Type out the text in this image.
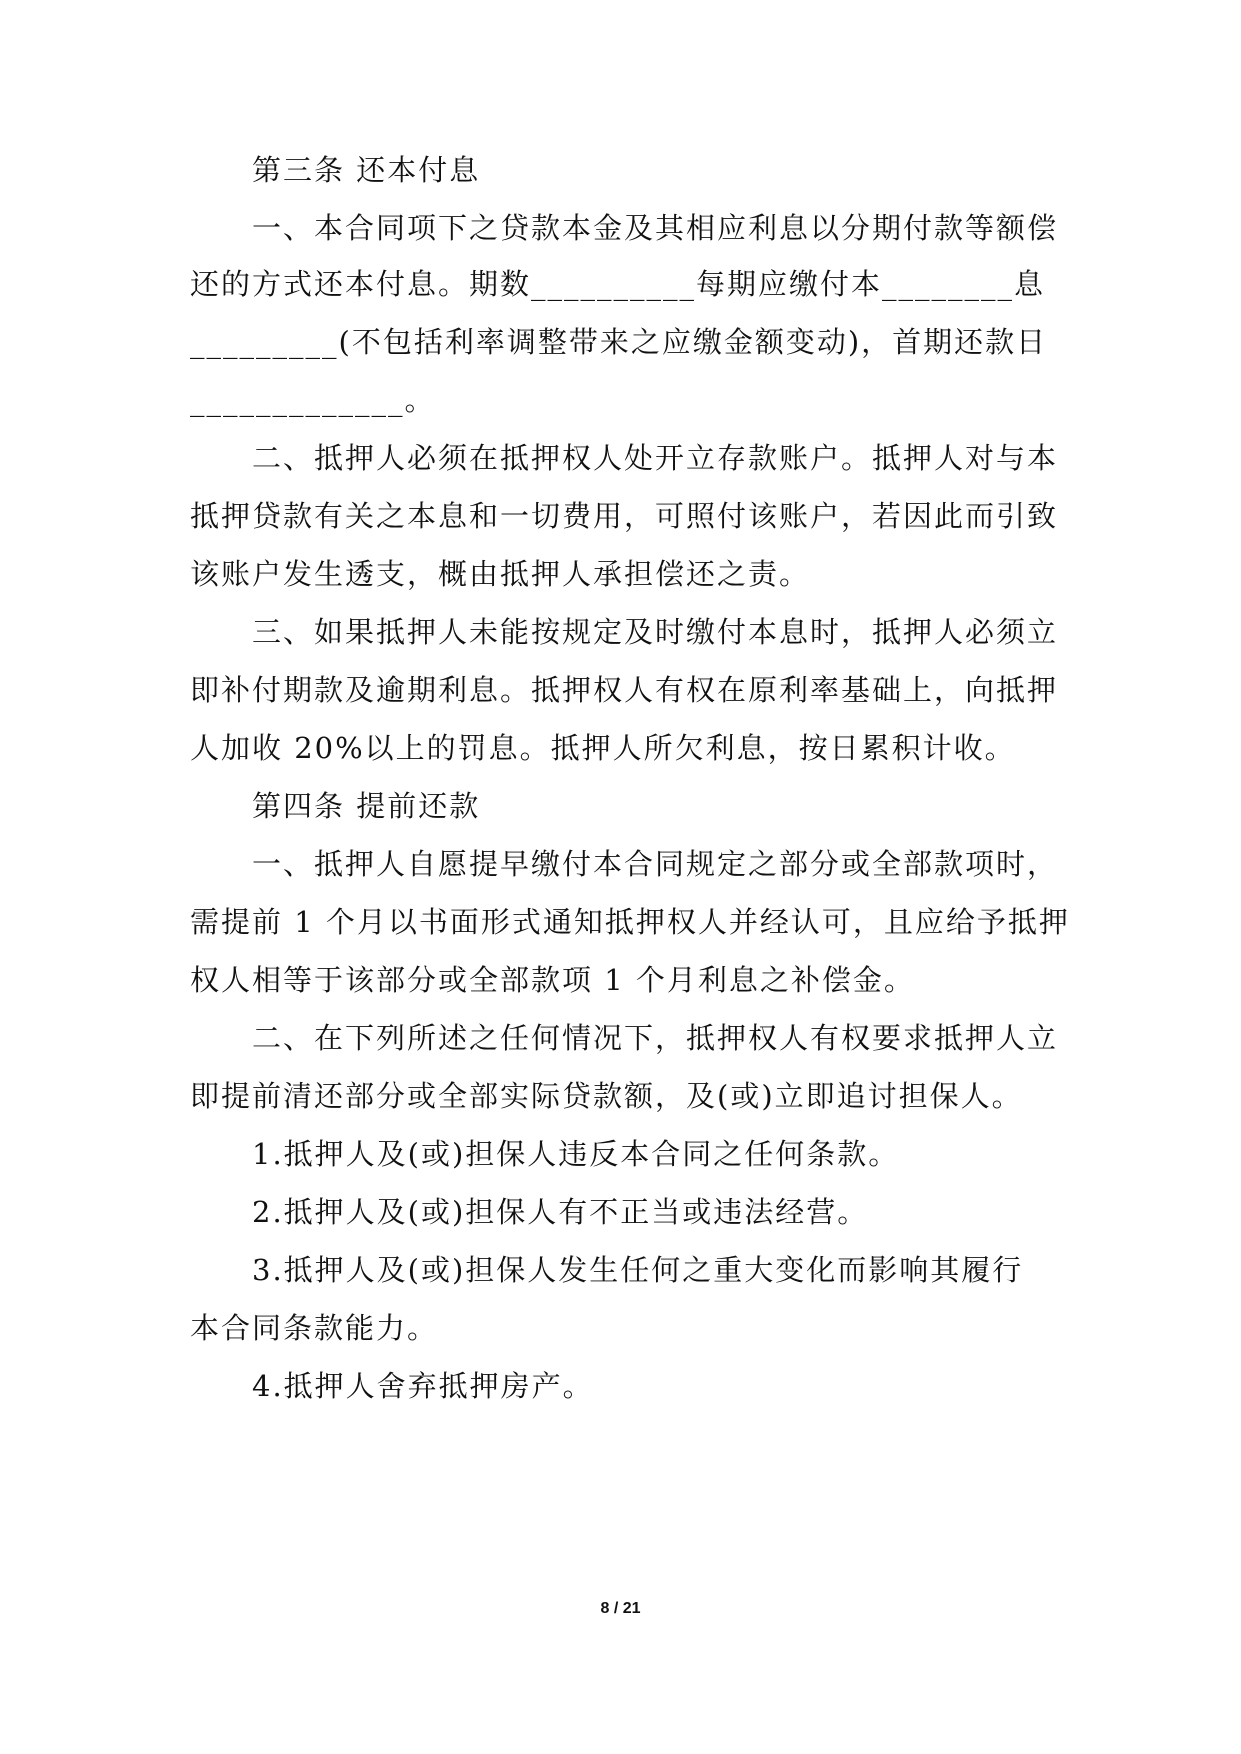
第三条 还本付息
一、本合同项下之贷款本金及其相应利息以分期付款等额偿
还的方式还本付息。期数__________每期应缴付本________息
_________(不包括利率调整带来之应缴金额变动)，首期还款日
_____________。
二、抵押人必须在抵押权人处开立存款账户。抵押人对与本
抵押贷款有关之本息和一切费用，可照付该账户，若因此而引致
该账户发生透支，概由抵押人承担偿还之责。
三、如果抵押人未能按规定及时缴付本息时，抵押人必须立
即补付期款及逾期利息。抵押权人有权在原利率基础上，向抵押
人加收 20%以上的罚息。抵押人所欠利息，按日累积计收。
第四条 提前还款
一、抵押人自愿提早缴付本合同规定之部分或全部款项时，
需提前 1 个月以书面形式通知抵押权人并经认可，且应给予抵押
权人相等于该部分或全部款项 1 个月利息之补偿金。
二、在下列所述之任何情况下，抵押权人有权要求抵押人立
即提前清还部分或全部实际贷款额，及(或)立即追讨担保人。
1.抵押人及(或)担保人违反本合同之任何条款。
2.抵押人及(或)担保人有不正当或违法经营。
3.抵押人及(或)担保人发生任何之重大变化而影响其履行
本合同条款能力。
4.抵押人舍弃抵押房产。
8 / 21
